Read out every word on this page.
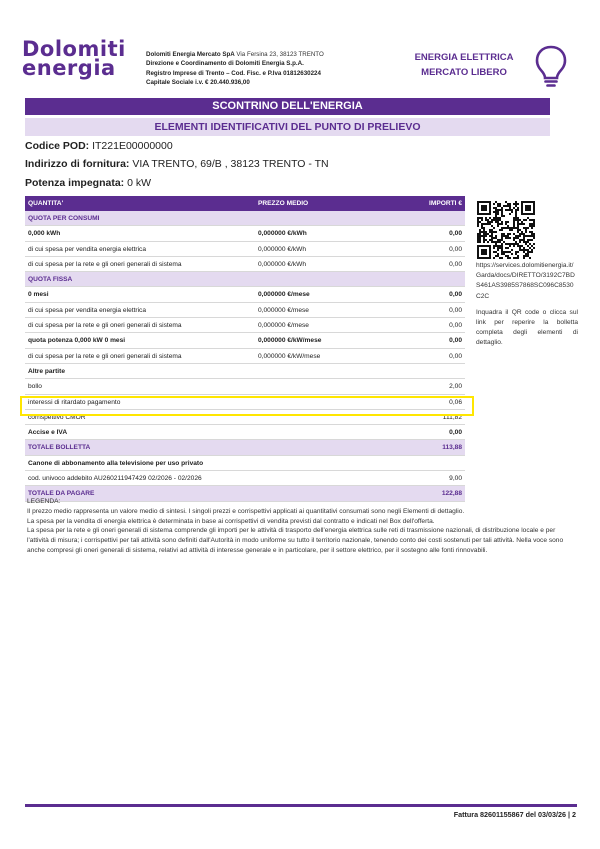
Dolomiti
energia
Dolomiti Energia Mercato SpA Via Fersina 23, 38123 TRENTO
Direzione e Coordinamento di Dolomiti Energia S.p.A.
Registro Imprese di Trento – Cod. Fisc. e P.Iva 01812630224
Capitale Sociale i.v. € 20.440.936,00
ENERGIA ELETTRICA
MERCATO LIBERO
SCONTRINO DELL'ENERGIA
ELEMENTI IDENTIFICATIVI DEL PUNTO DI PRELIEVO
Codice POD: IT221E00000000
Indirizzo di fornitura: VIA TRENTO, 69/B , 38123 TRENTO - TN
Potenza impegnata: 0 kW
QUANTITA'	PREZZO MEDIO	IMPORTI €
QUOTA PER CONSUMI
0,000 kWh	0,000000 €/kWh	0,00
di cui spesa per vendita energia elettrica	0,000000 €/kWh	0,00
di cui spesa per la rete e gli oneri generali di sistema	0,000000 €/kWh	0,00
QUOTA FISSA
0 mesi	0,000000 €/mese	0,00
di cui spesa per vendita energia elettrica	0,000000 €/mese	0,00
di cui spesa per la rete e gli oneri generali di sistema	0,000000 €/mese	0,00
quota potenza 0,000 kW 0 mesi	0,000000 €/kW/mese	0,00
di cui spesa per la rete e gli oneri generali di sistema	0,000000 €/kW/mese	0,00
Altre partite
bollo	2,00
interessi di ritardato pagamento	0,06
corrispettivo CMOR	111,82
Accise e IVA	0,00
TOTALE BOLLETTA	113,88
Canone di abbonamento alla televisione per uso privato
cod. univoco addebito AU260211947429 02/2026 - 02/2026	9,00
TOTALE DA PAGARE	122,88
https://services.dolomitienergia.it/Garda/docs/DIRETTO/3192C7BDS461AS3985S7868SC096C8530C2C
Inquadra il QR code o clicca sul link per reperire la bolletta completa degli elementi di dettaglio.

LEGENDA:

Il prezzo medio rappresenta un valore medio di sintesi. I singoli prezzi e corrispettivi applicati ai quantitativi consumati sono negli Elementi di dettaglio.

La spesa per la vendita di energia elettrica è determinata in base ai corrispettivi di vendita previsti dal contratto e indicati nel Box dell'offerta.

La spesa per la rete e gli oneri generali di sistema comprende gli importi per le attività di trasporto dell'energia elettrica sulle reti di trasmissione nazionali, di distribuzione locale e per l'attività di misura; i corrispettivi per tali attività sono definiti dall'Autorità in modo uniforme su tutto il territorio nazionale, tenendo conto dei costi sostenuti per tali attività. Nella voce sono anche compresi gli oneri generali di sistema, relativi ad attività di interesse generale e in particolare, per il settore elettrico, per il sostegno alle fonti rinnovabili.

Fattura 82601155867 del 03/03/26 | 2
